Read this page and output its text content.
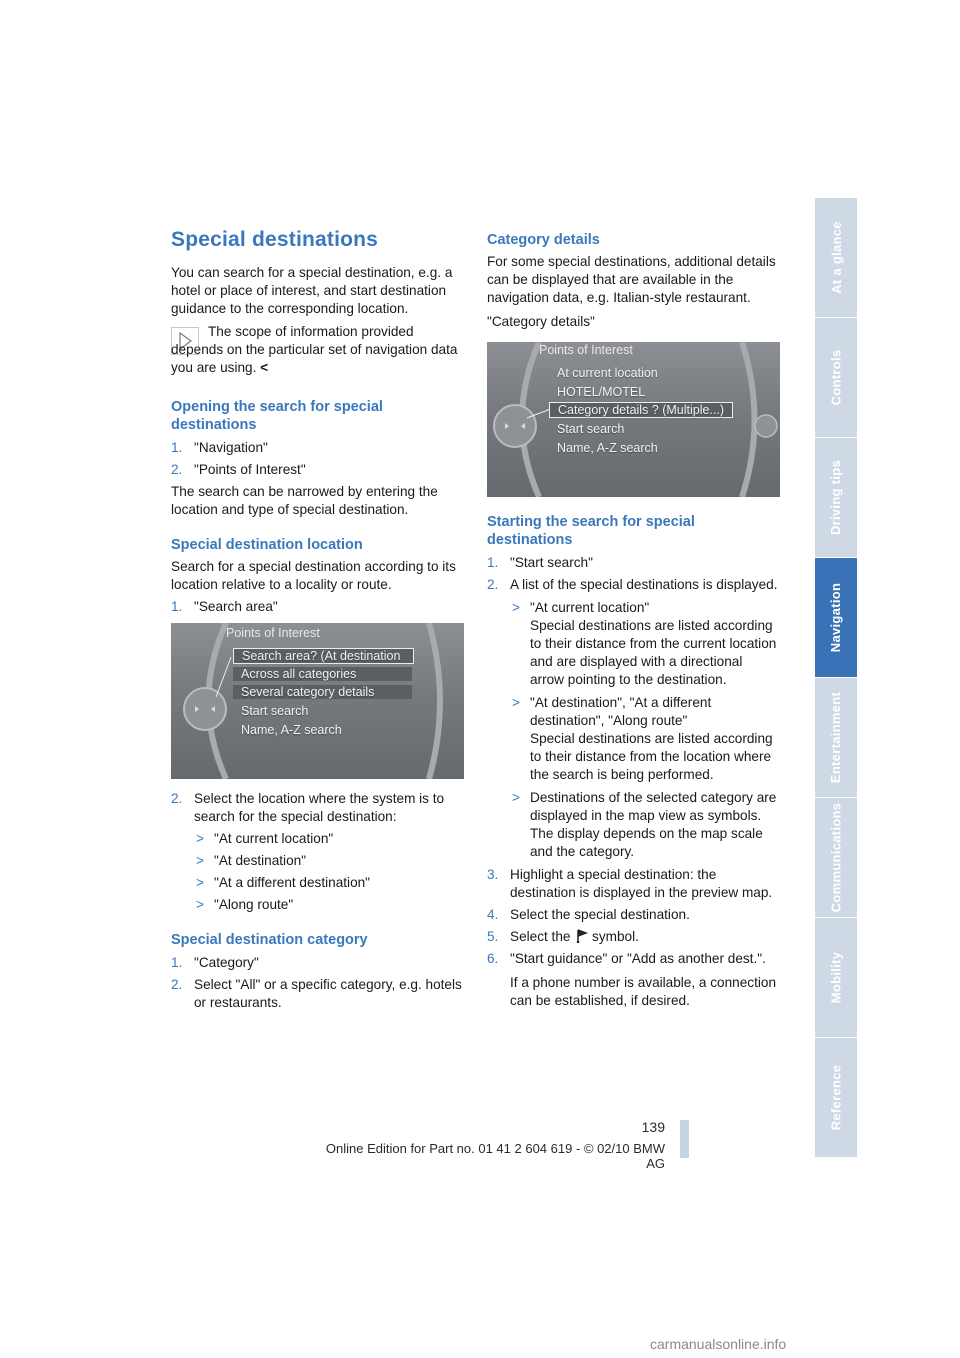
Special destinations

You can search for a special destination, e.g. a hotel or place of interest, and start destination guidance to the corresponding location.

The scope of information provided depends on the particular set of navigation data you are using. <

Opening the search for special destinations
1. "Navigation"
2. "Points of Interest"

The search can be narrowed by entering the location and type of special destination.

Special destination location

Search for a special destination according to its location relative to a locality or route.

1. "Search area"
Points of Interest
Search area? (At destination
Across all categories
Several category details
Start search
Name, A-Z search
2. Select the location where the system is to search for the special destination:
> "At current location"
> "At destination"
> "At a different destination"
> "Along route"
Special destination category
1. "Category"
2. Select "All" or a specific category, e.g. hotels or restaurants.
Category details

For some special destinations, additional details can be displayed that are available in the navigation data, e.g. Italian-style restaurant.

"Category details"

Points of Interest
At current location
HOTEL/MOTEL
Category details ? (Multiple...)
Start search
Name, A-Z search
Starting the search for special destinations
1. "Start search"
2. A list of the special destinations is displayed.
> "At current location"
Special destinations are listed according to their distance from the current location and are displayed with a directional arrow pointing to the destination.
> "At destination", "At a different destination", "Along route"
Special destinations are listed according to their distance from the location where the search is being performed.
> Destinations of the selected category are displayed in the map view as symbols. The display depends on the map scale and the category.
3. Highlight a special destination: the destination is displayed in the preview map.
4. Select the special destination.
5. Select the symbol.
6. "Start guidance" or "Add as another dest.".

If a phone number is available, a connection can be established, if desired.

At a glance
Controls
Driving tips
Navigation
Entertainment
Communications
Mobility
Reference
139
Online Edition for Part no. 01 41 2 604 619 - © 02/10 BMW AG
carmanualsonline.info
